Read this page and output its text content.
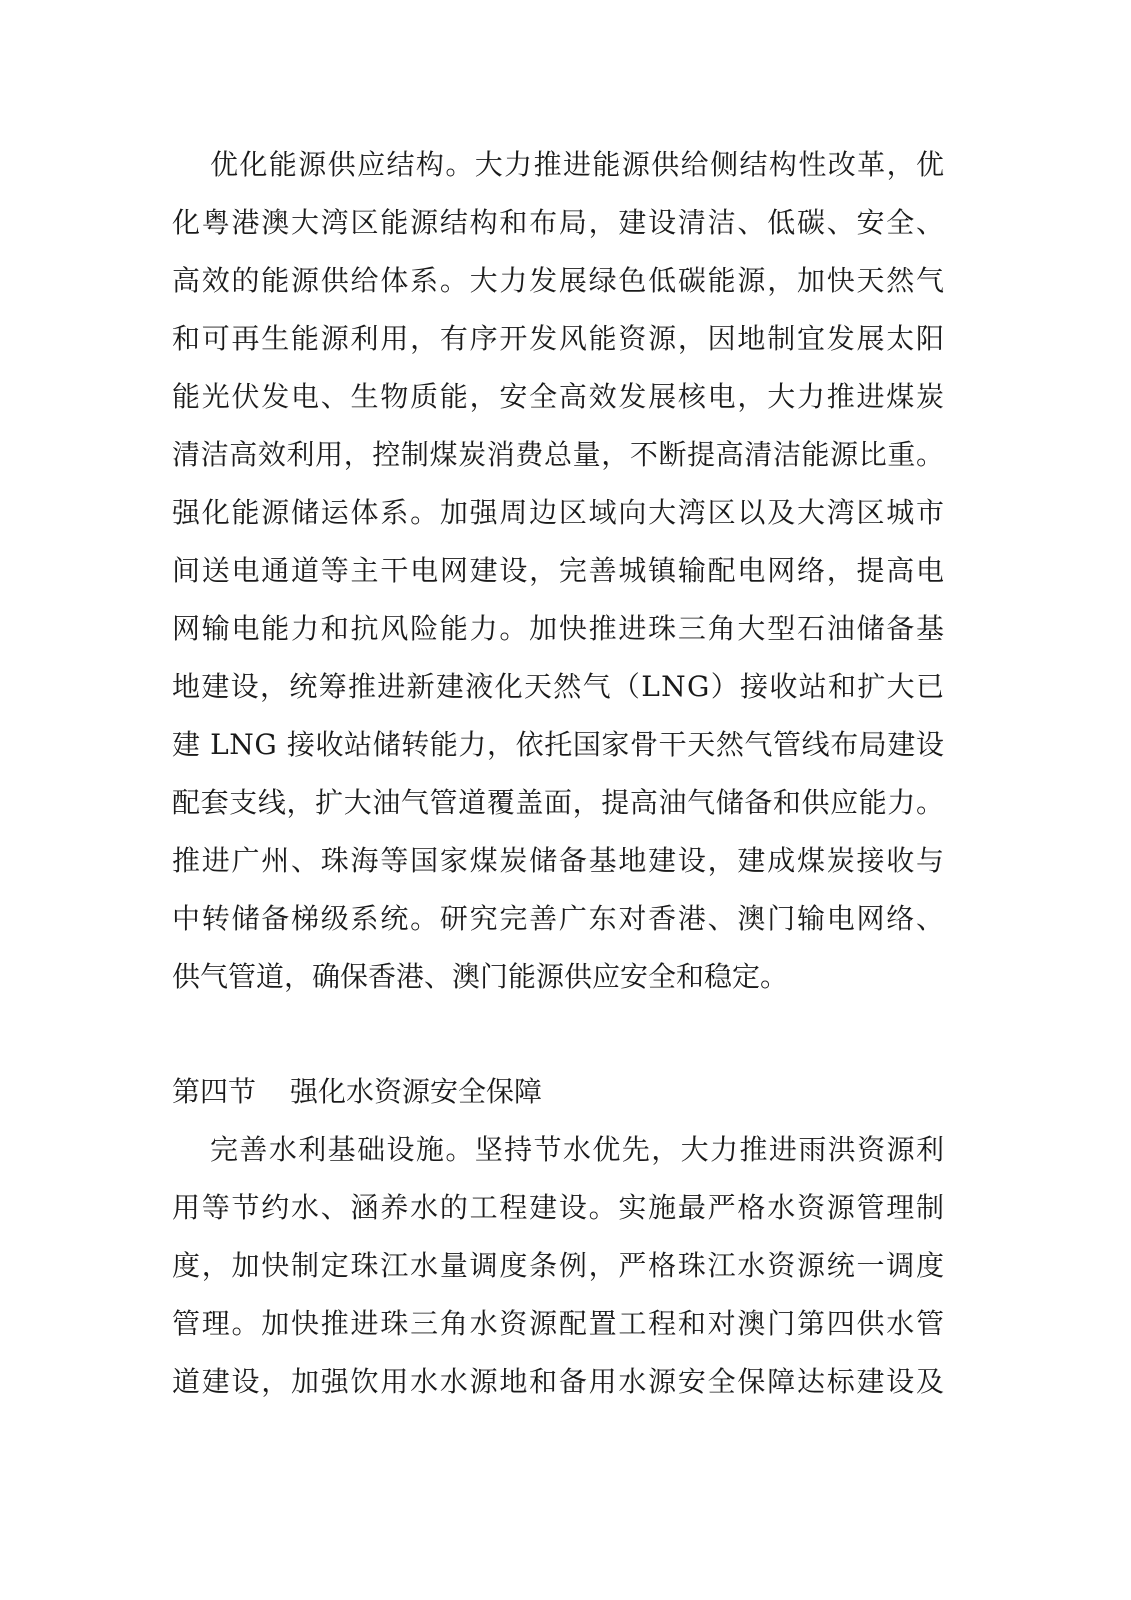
优化能源供应结构。大力推进能源供给侧结构性改革，优
化粤港澳大湾区能源结构和布局，建设清洁、低碳、安全、
高效的能源供给体系。大力发展绿色低碳能源，加快天然气
和可再生能源利用，有序开发风能资源，因地制宜发展太阳
能光伏发电、生物质能，安全高效发展核电，大力推进煤炭
清洁高效利用，控制煤炭消费总量，不断提高清洁能源比重。
强化能源储运体系。加强周边区域向大湾区以及大湾区城市
间送电通道等主干电网建设，完善城镇输配电网络，提高电
网输电能力和抗风险能力。加快推进珠三角大型石油储备基
地建设，统筹推进新建液化天然气（LNG）接收站和扩大已
建 LNG 接收站储转能力，依托国家骨干天然气管线布局建设
配套支线，扩大油气管道覆盖面，提高油气储备和供应能力。
推进广州、珠海等国家煤炭储备基地建设，建成煤炭接收与
中转储备梯级系统。研究完善广东对香港、澳门输电网络、
供气管道，确保香港、澳门能源供应安全和稳定。
第四节 强化水资源安全保障
完善水利基础设施。坚持节水优先，大力推进雨洪资源利
用等节约水、涵养水的工程建设。实施最严格水资源管理制
度，加快制定珠江水量调度条例，严格珠江水资源统一调度
管理。加快推进珠三角水资源配置工程和对澳门第四供水管
道建设，加强饮用水水源地和备用水源安全保障达标建设及
